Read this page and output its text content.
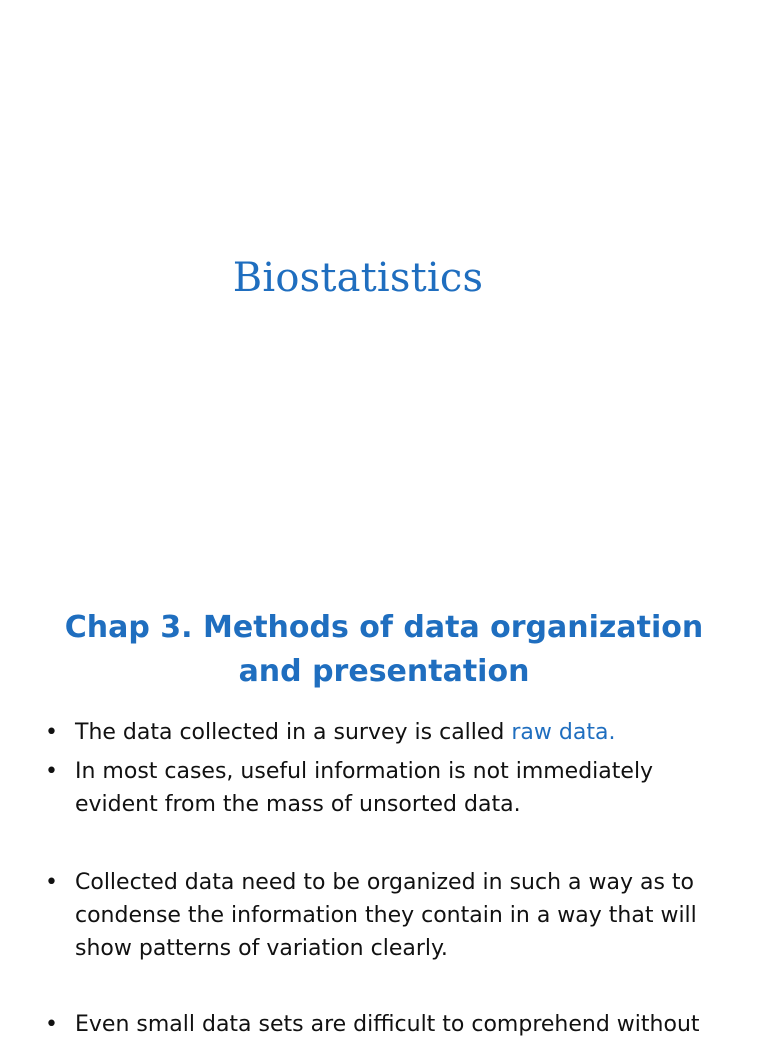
Biostatistics
Chap 3. Methods of data organization and presentation
• The data collected in a survey is called raw data.
• In most cases, useful information is not immediately evident from the mass of unsorted data.
• Collected data need to be organized in such a way as to condense the information they contain in a way that will show patterns of variation clearly.
• Even small data sets are difficult to comprehend without
